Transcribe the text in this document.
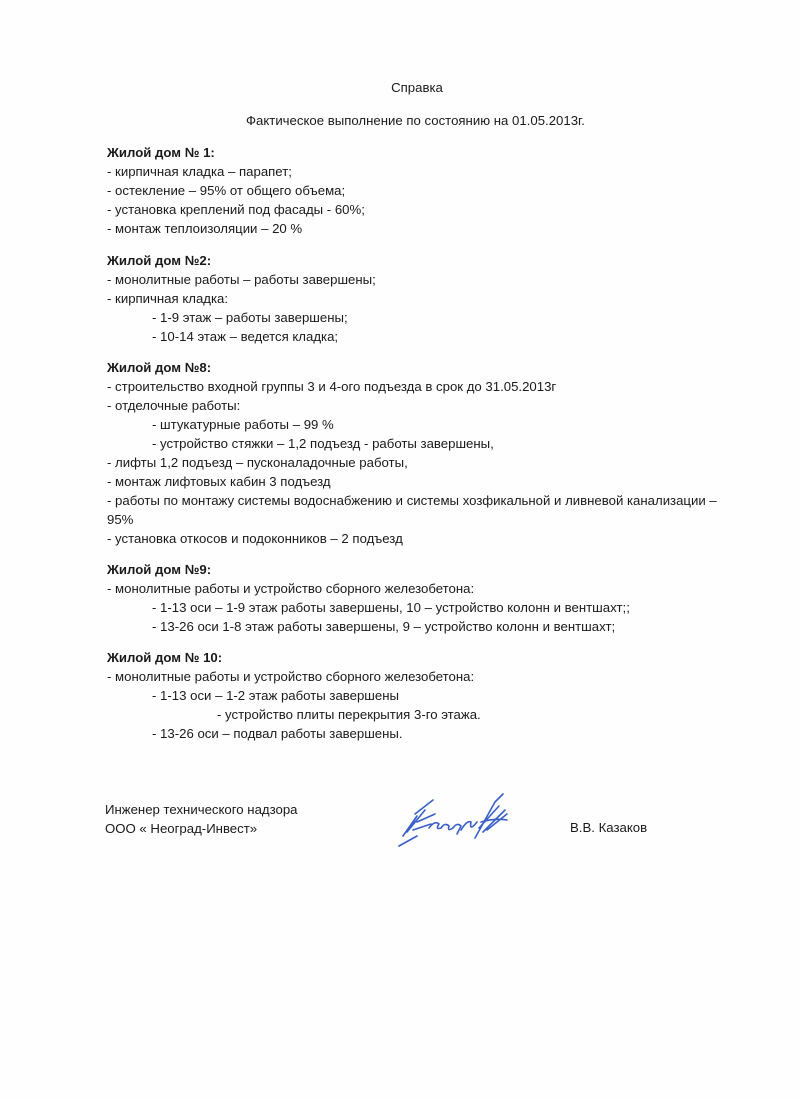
Справка
Фактическое выполнение по состоянию на 01.05.2013г.
Жилой дом № 1:
- кирпичная кладка – парапет;
- остекление – 95% от общего объема;
- установка креплений под фасады - 60%;
- монтаж теплоизоляции – 20 %
Жилой дом №2:
- монолитные работы – работы завершены;
- кирпичная кладка:
- 1-9 этаж – работы завершены;
- 10-14 этаж – ведется кладка;
Жилой дом №8:
- строительство входной группы 3 и 4-ого подъезда в срок до 31.05.2013г
- отделочные работы:
- штукатурные работы – 99 %
- устройство стяжки – 1,2 подъезд - работы завершены,
- лифты 1,2 подъезд – пусконаладочные работы,
- монтаж лифтовых кабин 3 подъезд
- работы по монтажу системы водоснабжению и системы хозфикальной и ливневой канализации –
95%
- установка откосов и подоконников – 2 подъезд
Жилой дом №9:
- монолитные работы и устройство сборного железобетона:
- 1-13 оси – 1-9 этаж работы завершены, 10 – устройство колонн и вентшахт;;
- 13-26 оси 1-8 этаж работы завершены, 9 – устройство колонн и вентшахт;
Жилой дом № 10:
- монолитные работы и устройство сборного железобетона:
- 1-13 оси – 1-2 этаж работы завершены
- устройство плиты перекрытия 3-го этажа.
- 13-26 оси – подвал работы завершены.
Инженер технического надзора
ООО « Неоград-Инвест»	В.В. Казаков
